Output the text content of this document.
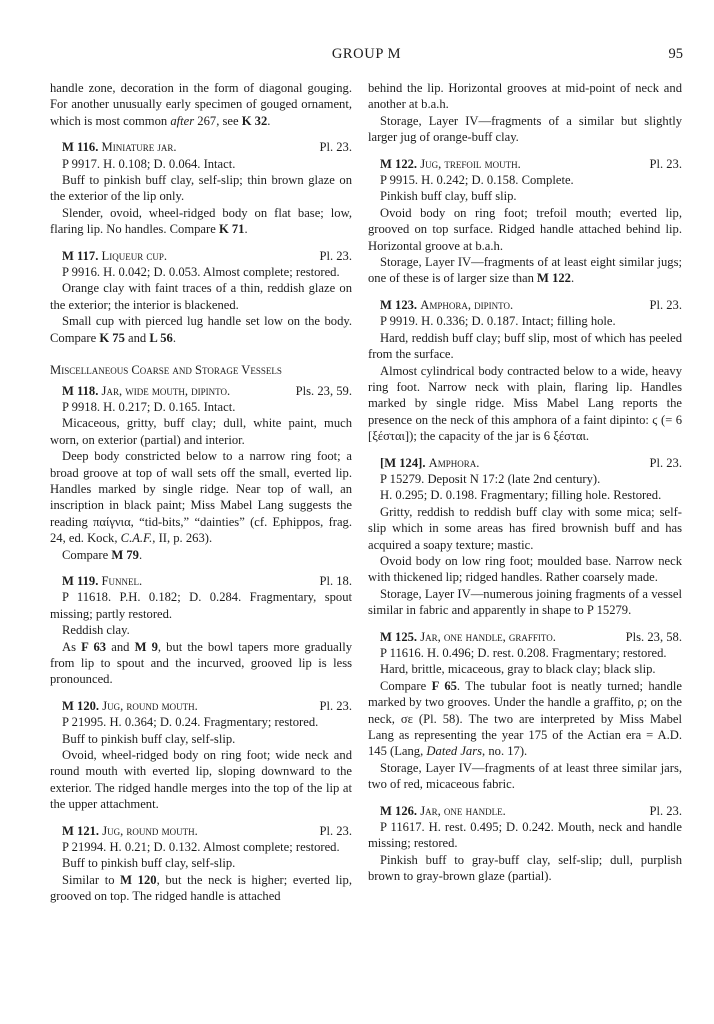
GROUP M	95

handle zone, decoration in the form of diagonal gouging. For another unusually early specimen of gouged ornament, which is most common after 267, see K 32.

M 116. Miniature jar.	Pl. 23.

P 9917. H. 0.108; D. 0.064. Intact.

Buff to pinkish buff clay, self-slip; thin brown glaze on the exterior of the lip only.

Slender, ovoid, wheel-ridged body on flat base; low, flaring lip. No handles. Compare K 71.

M 117. Liqueur cup.	Pl. 23.

P 9916. H. 0.042; D. 0.053. Almost complete; restored.

Orange clay with faint traces of a thin, reddish glaze on the exterior; the interior is blackened.

Small cup with pierced lug handle set low on the body. Compare K 75 and L 56.

Miscellaneous Coarse and Storage Vessels

M 118. Jar, wide mouth, dipinto.	Pls. 23, 59.

P 9918. H. 0.217; D. 0.165. Intact.

Micaceous, gritty, buff clay; dull, white paint, much worn, on exterior (partial) and interior.

Deep body constricted below to a narrow ring foot; a broad groove at top of wall sets off the small, everted lip. Handles marked by single ridge. Near top of wall, an inscription in black paint; Miss Mabel Lang suggests the reading παίγνια, “tid-bits,” “dainties” (cf. Ephippos, frag. 24, ed. Kock, C.A.F., II, p. 263).

Compare M 79.

M 119. Funnel.	Pl. 18.

P 11618. P.H. 0.182; D. 0.284. Fragmentary, spout missing; partly restored.

Reddish clay.

As F 63 and M 9, but the bowl tapers more gradually from lip to spout and the incurved, grooved lip is less pronounced.

M 120. Jug, round mouth.	Pl. 23.

P 21995. H. 0.364; D. 0.24. Fragmentary; restored.

Buff to pinkish buff clay, self-slip.

Ovoid, wheel-ridged body on ring foot; wide neck and round mouth with everted lip, sloping downward to the exterior. The ridged handle merges into the top of the lip at the upper attachment.

M 121. Jug, round mouth.	Pl. 23.

P 21994. H. 0.21; D. 0.132. Almost complete; restored.

Buff to pinkish buff clay, self-slip.

Similar to M 120, but the neck is higher; everted lip, grooved on top. The ridged handle is attached

behind the lip. Horizontal grooves at mid-point of neck and another at b.a.h.

Storage, Layer IV—fragments of a similar but slightly larger jug of orange-buff clay.

M 122. Jug, trefoil mouth.	Pl. 23.

P 9915. H. 0.242; D. 0.158. Complete.

Pinkish buff clay, buff slip.

Ovoid body on ring foot; trefoil mouth; everted lip, grooved on top surface. Ridged handle attached behind lip. Horizontal groove at b.a.h.

Storage, Layer IV—fragments of at least eight similar jugs; one of these is of larger size than M 122.

M 123. Amphora, dipinto.	Pl. 23.

P 9919. H. 0.336; D. 0.187. Intact; filling hole.

Hard, reddish buff clay; buff slip, most of which has peeled from the surface.

Almost cylindrical body contracted below to a wide, heavy ring foot. Narrow neck with plain, flaring lip. Handles marked by single ridge. Miss Mabel Lang reports the presence on the neck of this amphora of a faint dipinto: ϛ (= 6 [ξέσται]); the capacity of the jar is 6 ξέσται.

[M 124]. Amphora.	Pl. 23.

P 15279. Deposit N 17:2 (late 2nd century).

H. 0.295; D. 0.198. Fragmentary; filling hole. Restored.

Gritty, reddish to reddish buff clay with some mica; self-slip which in some areas has fired brownish buff and has acquired a soapy texture; mastic.

Ovoid body on low ring foot; moulded base. Narrow neck with thickened lip; ridged handles. Rather coarsely made.

Storage, Layer IV—numerous joining fragments of a vessel similar in fabric and apparently in shape to P 15279.

M 125. Jar, one handle, graffito.	Pls. 23, 58.

P 11616. H. 0.496; D. rest. 0.208. Fragmentary; restored.

Hard, brittle, micaceous, gray to black clay; black slip.

Compare F 65. The tubular foot is neatly turned; handle marked by two grooves. Under the handle a graffito, ρ; on the neck, σε (Pl. 58). The two are interpreted by Miss Mabel Lang as representing the year 175 of the Actian era = A.D. 145 (Lang, Dated Jars, no. 17).

Storage, Layer IV—fragments of at least three similar jars, two of red, micaceous fabric.

M 126. Jar, one handle.	Pl. 23.

P 11617. H. rest. 0.495; D. 0.242. Mouth, neck and handle missing; restored.

Pinkish buff to gray-buff clay, self-slip; dull, purplish brown to gray-brown glaze (partial).
